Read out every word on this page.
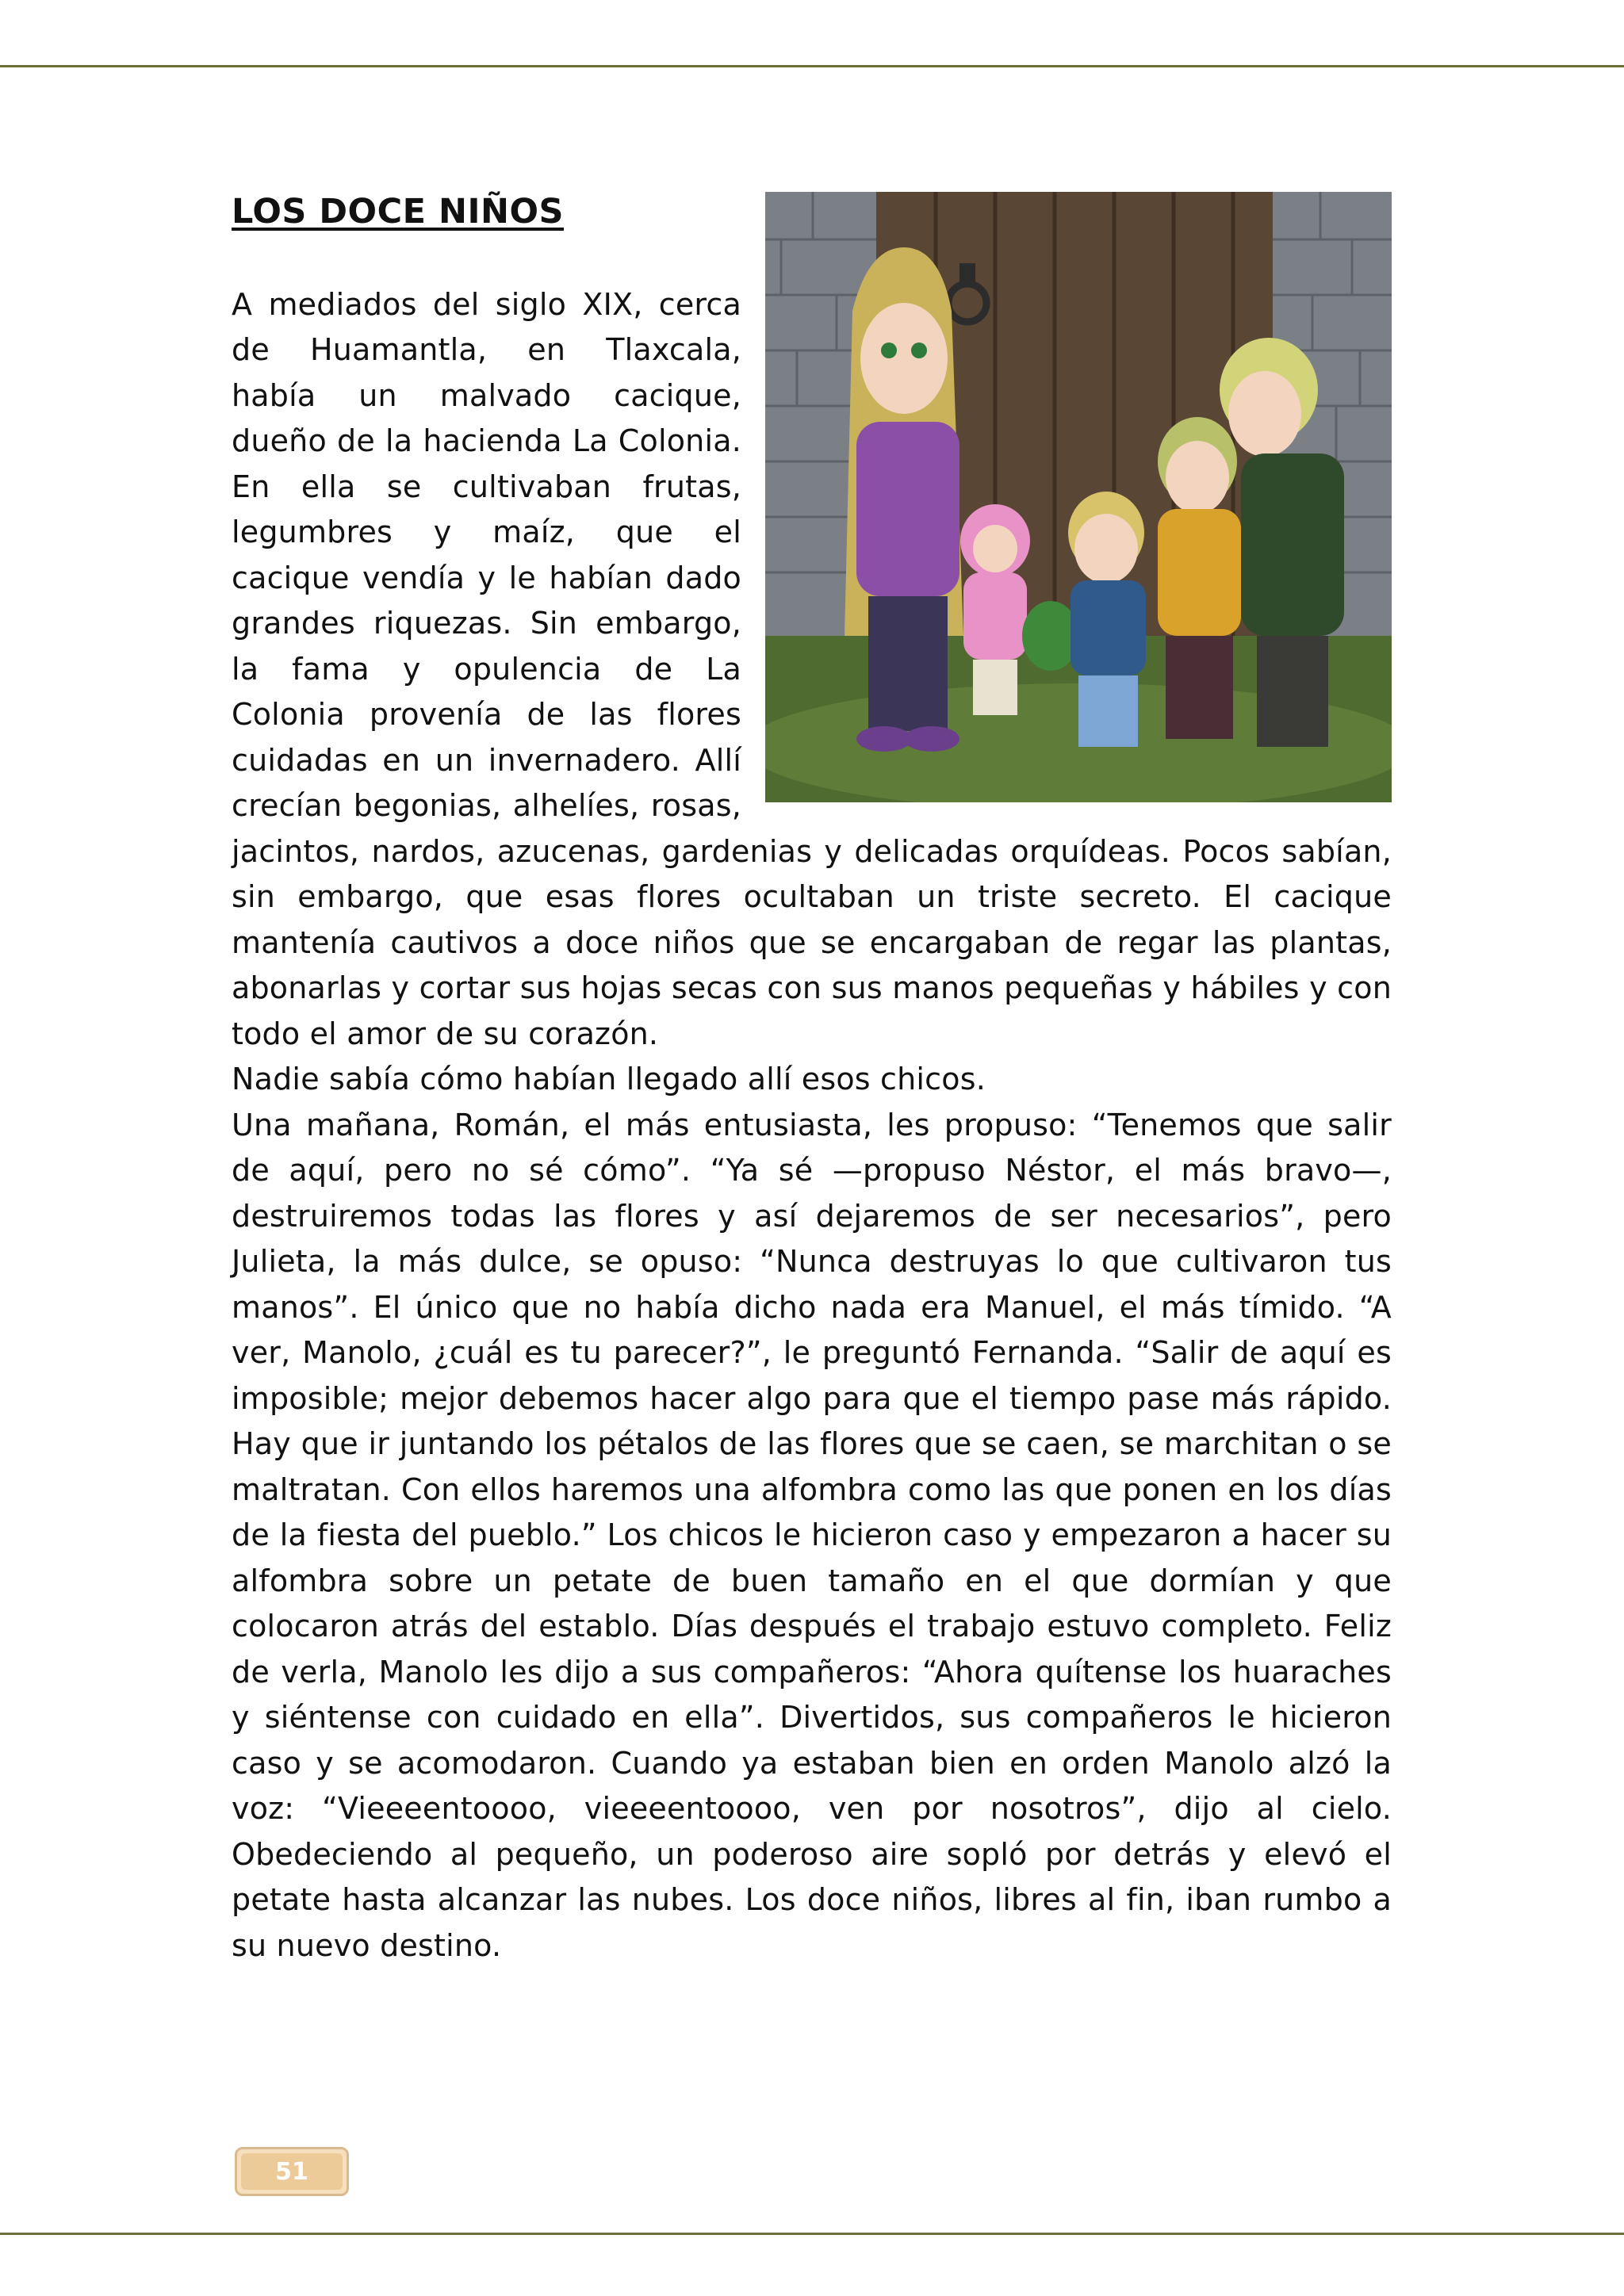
LOS DOCE NIÑOS

A mediados del siglo XIX, cerca de Huamantla, en Tlaxcala, había un malvado cacique, dueño de la hacienda La Colonia. En ella se cultivaban frutas, legumbres y maíz, que el cacique vendía y le habían dado grandes riquezas. Sin embargo, la fama y opulencia de La Colonia provenía de las flores cuidadas en un invernadero. Allí crecían begonias, alhelíes, rosas, jacintos, nardos, azucenas, gardenias y delicadas orquídeas. Pocos sabían, sin embargo, que esas flores ocultaban un triste secreto. El cacique mantenía cautivos a doce niños que se encargaban de regar las plantas, abonarlas y cortar sus hojas secas con sus manos pequeñas y hábiles y con todo el amor de su corazón.

Nadie sabía cómo habían llegado allí esos chicos.

Una mañana, Román, el más entusiasta, les propuso: “Tenemos que salir de aquí, pero no sé cómo”. “Ya sé —propuso Néstor, el más bravo—, destruiremos todas las flores y así dejaremos de ser necesarios”, pero Julieta, la más dulce, se opuso: “Nunca destruyas lo que cultivaron tus manos”. El único que no había dicho nada era Manuel, el más tímido. “A ver, Manolo, ¿cuál es tu parecer?”, le preguntó Fernanda. “Salir de aquí es imposible; mejor debemos hacer algo para que el tiempo pase más rápido. Hay que ir juntando los pétalos de las flores que se caen, se marchitan o se maltratan. Con ellos haremos una alfombra como las que ponen en los días de la fiesta del pueblo.” Los chicos le hicieron caso y empezaron a hacer su alfombra sobre un petate de buen tamaño en el que dormían y que colocaron atrás del establo. Días después el trabajo estuvo completo. Feliz de verla, Manolo les dijo a sus compañeros: “Ahora quítense los huaraches y siéntense con cuidado en ella”. Divertidos, sus compañeros le hicieron caso y se acomodaron. Cuando ya estaban bien en orden Manolo alzó la voz: “Vieeeentoooo, vieeeentoooo, ven por nosotros”, dijo al cielo. Obedeciendo al pequeño, un poderoso aire sopló por detrás y elevó el petate hasta alcanzar las nubes. Los doce niños, libres al fin, iban rumbo a su nuevo destino.

51
